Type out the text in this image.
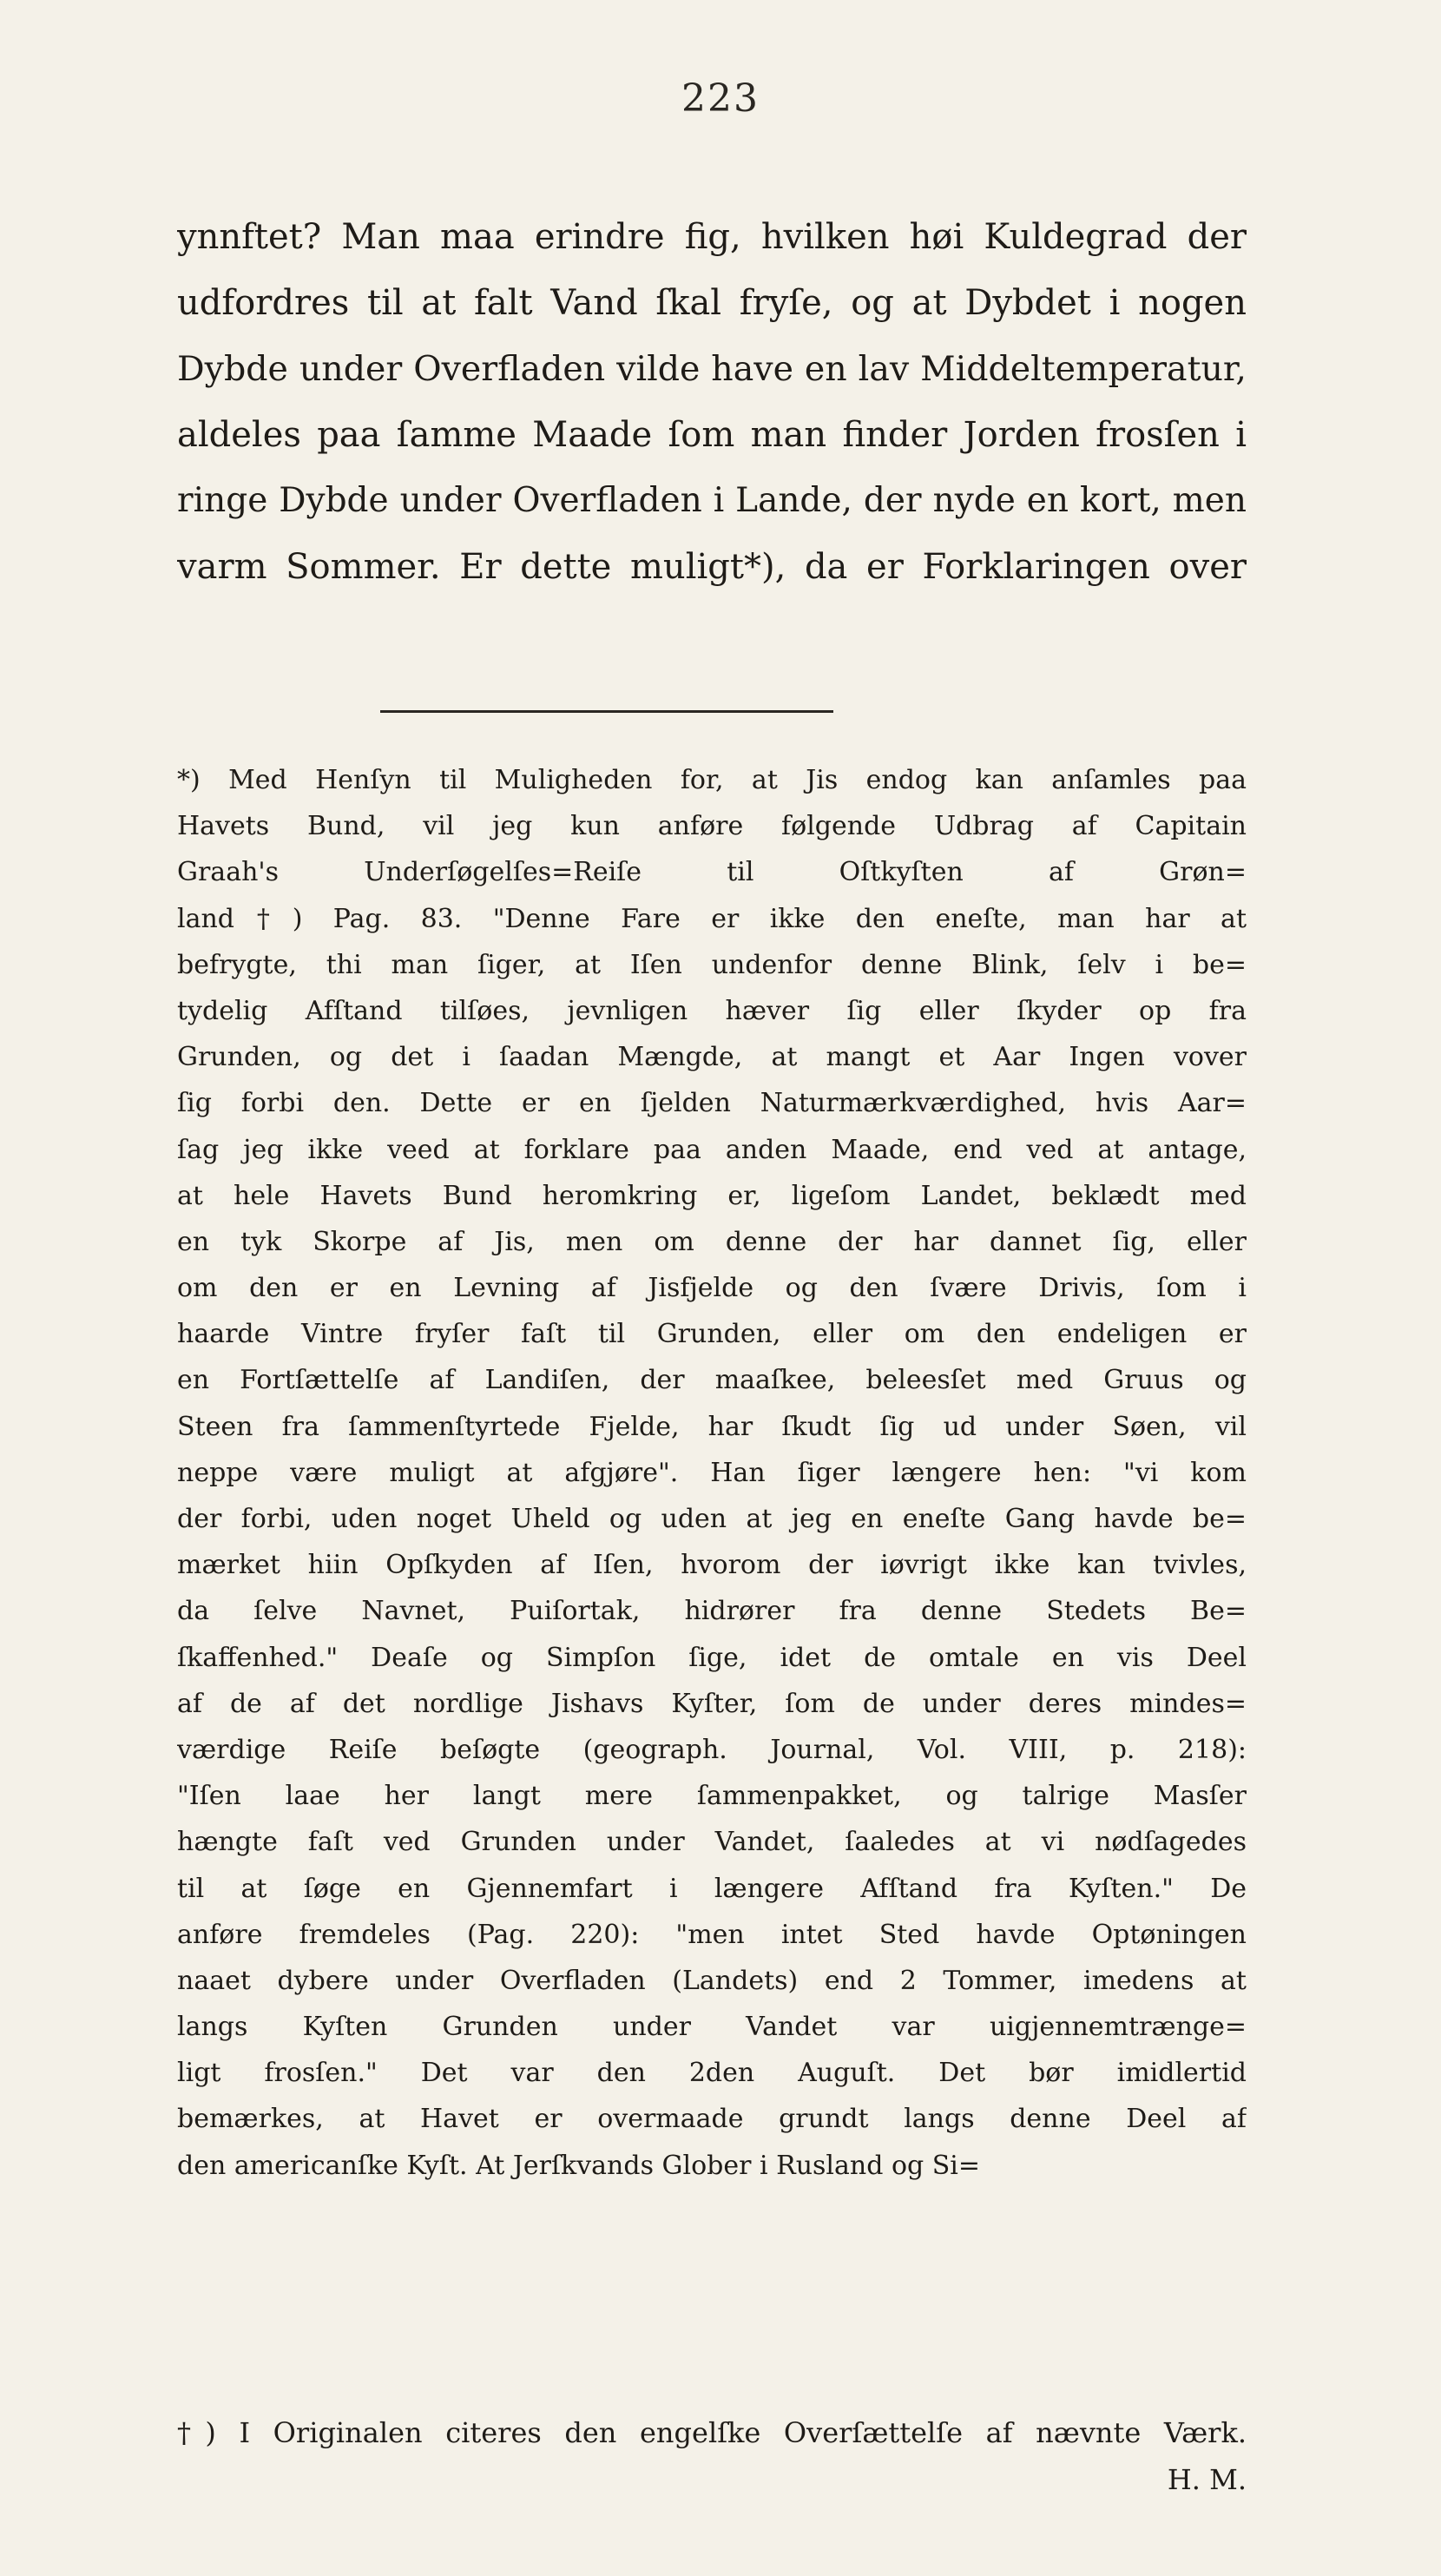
223
ynnftet? Man maa erindre fig, hvilken høi Kuldegrad der
udfordres til at falt Vand ſkal fryſe, og at Dybdet i nogen
Dybde under Overfladen vilde have en lav Middeltemperatur,
aldeles paa ſamme Maade ſom man finder Jorden frosſen i
ringe Dybde under Overfladen i Lande, der nyde en kort, men
varm Sommer. Er dette muligt*), da er Forklaringen over
*) Med Henſyn til Muligheden for, at Jis endog kan anſamles paa
Havets Bund, vil jeg kun anføre følgende Udbrag af Capitain
Graah's Underſøgelſes=Reiſe til Oſtkyſten af Grøn=
land†) Pag. 83. "Denne Fare er ikke den eneſte, man har at
befrygte, thi man ſiger, at Iſen undenfor denne Blink, ſelv i be=
tydelig Afſtand tilſøes, jevnligen hæver ſig eller ſkyder op fra
Grunden, og det i ſaadan Mængde, at mangt et Aar Ingen vover
ſig forbi den. Dette er en ſjelden Naturmærkværdighed, hvis Aar=
ſag jeg ikke veed at forklare paa anden Maade, end ved at antage,
at hele Havets Bund heromkring er, ligeſom Landet, beklædt med
en tyk Skorpe af Jis, men om denne der har dannet ſig, eller
om den er en Levning af Jisfjelde og den ſvære Drivis, ſom i
haarde Vintre fryſer faſt til Grunden, eller om den endeligen er
en Fortſættelſe af Landiſen, der maaſkee, beleesſet med Gruus og
Steen fra ſammenſtyrtede Fjelde, har ſkudt ſig ud under Søen, vil
neppe være muligt at afgjøre". Han ſiger længere hen: "vi kom
der forbi, uden noget Uheld og uden at jeg en eneſte Gang havde be=
mærket hiin Opſkyden af Iſen, hvorom der iøvrigt ikke kan tvivles,
da ſelve Navnet, Puiſortak, hidrører fra denne Stedets Be=
ſkaffenhed." Deaſe og Simpſon ſige, idet de omtale en vis Deel
af de af det nordlige Jishavs Kyſter, ſom de under deres mindes=
værdige Reiſe beſøgte (geograph. Journal, Vol. VIII, p. 218):
"Iſen laae her langt mere ſammenpakket, og talrige Masſer
hængte faſt ved Grunden under Vandet, ſaaledes at vi nødſagedes
til at ſøge en Gjennemfart i længere Afſtand fra Kyſten." De
anføre fremdeles (Pag. 220): "men intet Sted havde Optøningen
naaet dybere under Overfladen (Landets) end 2 Tommer, imedens at
langs Kyſten Grunden under Vandet var uigjennemtrænge=
ligt frosſen." Det var den 2den Auguſt. Det bør imidlertid
bemærkes, at Havet er overmaade grundt langs denne Deel af
den americanſke Kyſt. At Jerſkvands Glober i Rusland og Si=
†) I Originalen citeres den engelſke Overſættelſe af nævnte Værk.
H. M.
